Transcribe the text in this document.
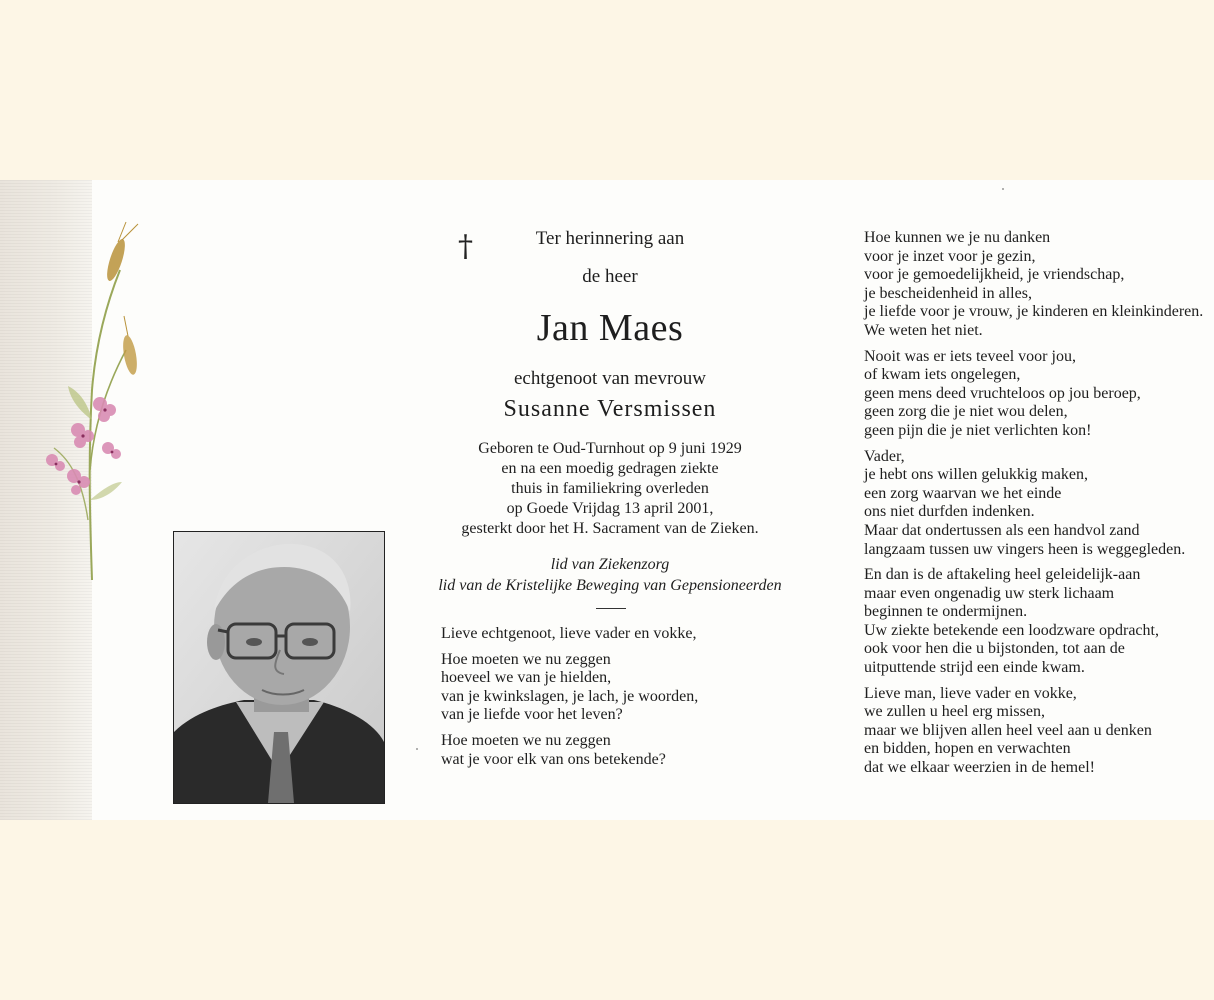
†	Ter herinnering aan
de heer
Jan Maes
echtgenoot van mevrouw
Susanne Versmissen
Geboren te Oud-Turnhout op 9 juni 1929
en na een moedig gedragen ziekte
thuis in familiekring overleden
op Goede Vrijdag 13 april 2001,
gesterkt door het H. Sacrament van de Zieken.
lid van Ziekenzorg
lid van de Kristelijke Beweging van Gepensioneerden
Lieve echtgenoot, lieve vader en vokke,
Hoe moeten we nu zeggen
hoeveel we van je hielden,
van je kwinkslagen, je lach, je woorden,
van je liefde voor het leven?
Hoe moeten we nu zeggen
wat je voor elk van ons betekende?
Hoe kunnen we je nu danken
voor je inzet voor je gezin,
voor je gemoedelijkheid, je vriendschap,
je bescheidenheid in alles,
je liefde voor je vrouw, je kinderen en kleinkinderen.
We weten het niet.
Nooit was er iets teveel voor jou,
of kwam iets ongelegen,
geen mens deed vruchteloos op jou beroep,
geen zorg die je niet wou delen,
geen pijn die je niet verlichten kon!
Vader,
je hebt ons willen gelukkig maken,
een zorg waarvan we het einde
ons niet durfden indenken.
Maar dat ondertussen als een handvol zand
langzaam tussen uw vingers heen is weggegleden.
En dan is de aftakeling heel geleidelijk-aan
maar even ongenadig uw sterk lichaam
beginnen te ondermijnen.
Uw ziekte betekende een loodzware opdracht,
ook voor hen die u bijstonden, tot aan de
uitputtende strijd een einde kwam.
Lieve man, lieve vader en vokke,
we zullen u heel erg missen,
maar we blijven allen heel veel aan u denken
en bidden, hopen en verwachten
dat we elkaar weerzien in de hemel!
